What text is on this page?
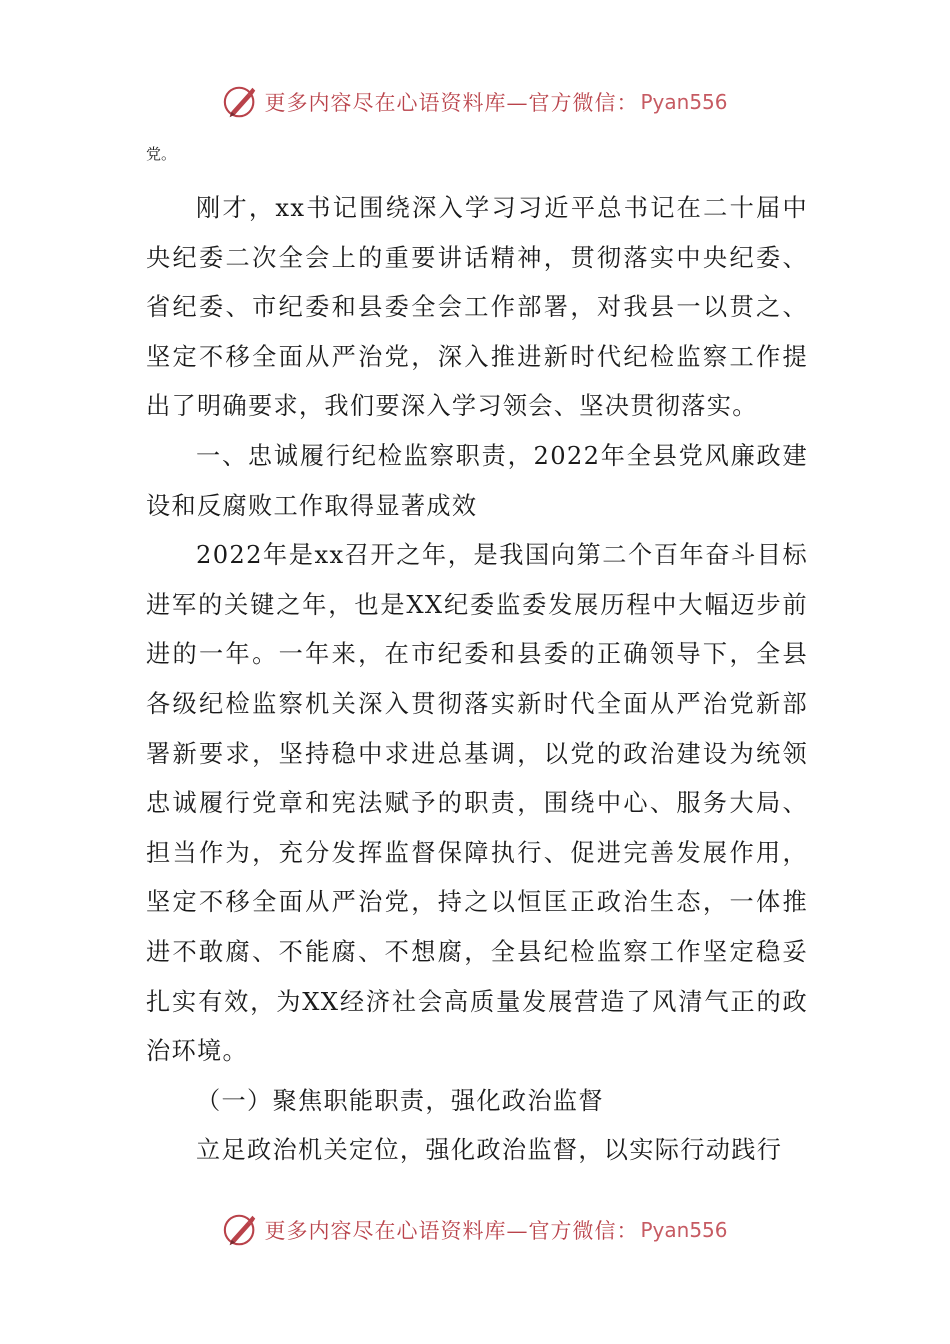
更多内容尽在心语资料库—官方微信： Pyan556

党。

刚才，xx书记围绕深入学习习近平总书记在二十届中央纪委二次全会上的重要讲话精神，贯彻落实中央纪委、省纪委、市纪委和县委全会工作部署，对我县一以贯之、坚定不移全面从严治党，深入推进新时代纪检监察工作提出了明确要求，我们要深入学习领会、坚决贯彻落实。

一、忠诚履行纪检监察职责，2022年全县党风廉政建设和反腐败工作取得显著成效

2022年是xx召开之年，是我国向第二个百年奋斗目标进军的关键之年，也是XX纪委监委发展历程中大幅迈步前进的一年。一年来，在市纪委和县委的正确领导下，全县各级纪检监察机关深入贯彻落实新时代全面从严治党新部署新要求，坚持稳中求进总基调，以党的政治建设为统领忠诚履行党章和宪法赋予的职责，围绕中心、服务大局、担当作为，充分发挥监督保障执行、促进完善发展作用，坚定不移全面从严治党，持之以恒匡正政治生态，一体推进不敢腐、不能腐、不想腐，全县纪检监察工作坚定稳妥扎实有效，为XX经济社会高质量发展营造了风清气正的政治环境。

（一）聚焦职能职责，强化政治监督

立足政治机关定位，强化政治监督，以实际行动践行

更多内容尽在心语资料库—官方微信： Pyan556
